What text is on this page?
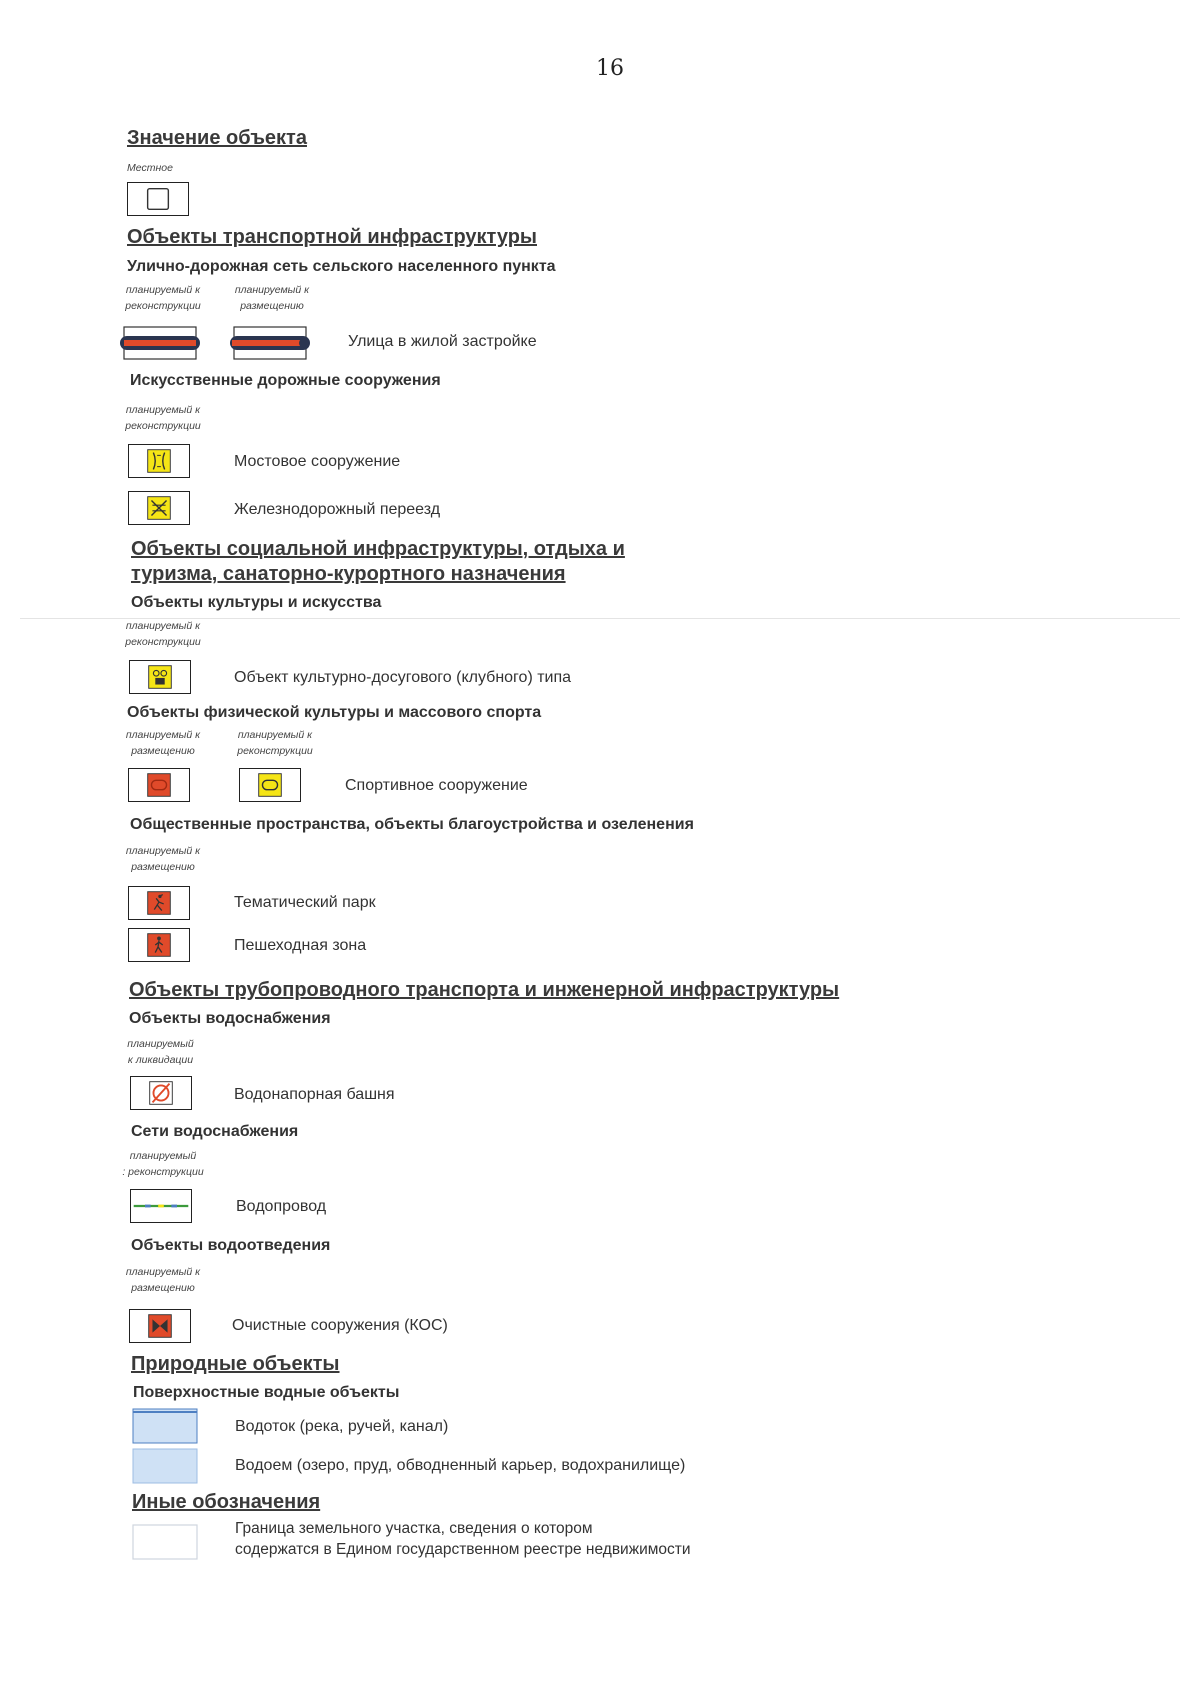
16
Значение объекта
Местное
Объекты транспортной инфраструктуры
Улично-дорожная сеть сельского населенного пункта
планируемый к
реконструкции
планируемый к
размещению
Улица в жилой застройке
Искусственные дорожные сооружения
планируемый к
реконструкции
Мостовое сооружение
Железнодорожный переезд
Объекты социальной инфраструктуры, отдыха и
туризма, санаторно-курортного назначения
Объекты культуры и искусства
планируемый к
реконструкции
Объект культурно-досугового (клубного) типа
Объекты физической культуры и массового спорта
планируемый к
размещению
планируемый к
реконструкции
Спортивное сооружение
Общественные пространства, объекты благоустройства и озеленения
планируемый к
размещению
Тематический парк
Пешеходная зона
Объекты трубопроводного транспорта и инженерной инфраструктуры
Объекты водоснабжения
планируемый
к ликвидации
Водонапорная башня
Сети водоснабжения
планируемый
: реконструкции
Водопровод
Объекты водоотведения
планируемый к
размещению
Очистные сооружения (КОС)
Природные объекты
Поверхностные водные объекты
Водоток (река, ручей, канал)
Водоем (озеро, пруд, обводненный карьер, водохранилище)
Иные обозначения
Граница земельного участка, сведения о котором
содержатся в Едином государственном реестре недвижимости
